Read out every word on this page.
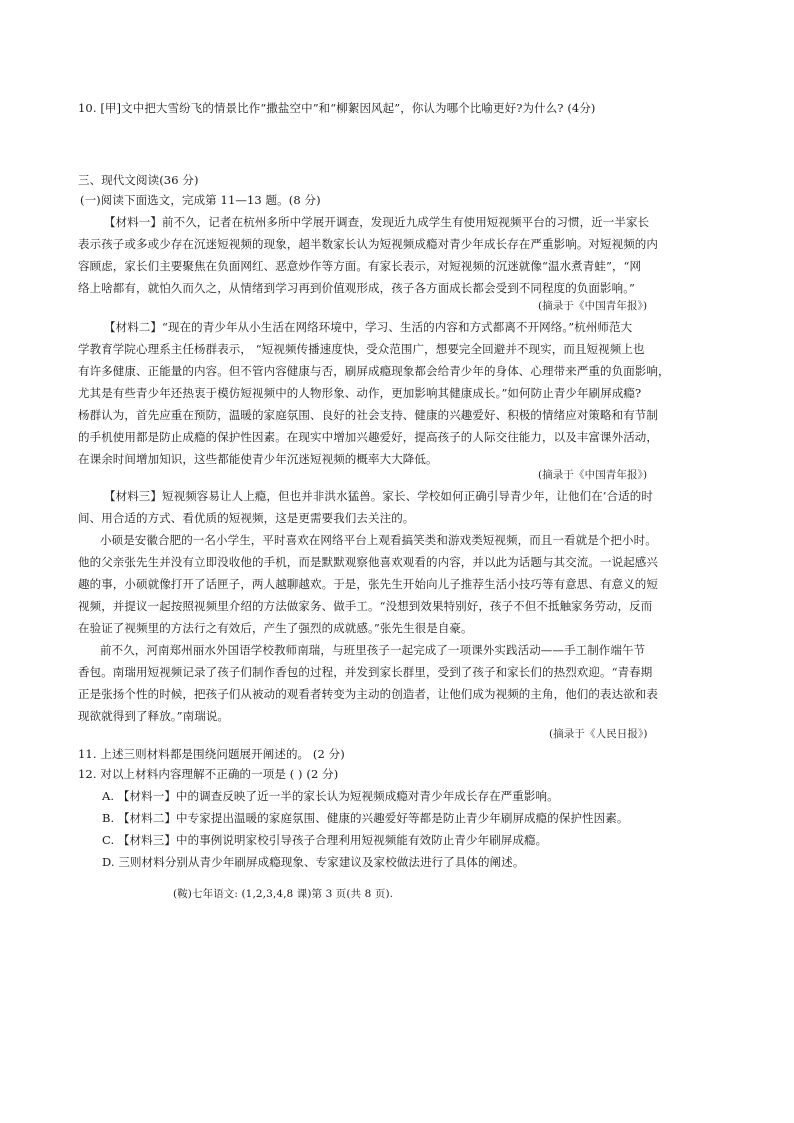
10. [甲]文中把大雪纷飞的情景比作“撒盐空中”和“柳絮因风起”，你认为哪个比喻更好?为什么? (4分)
三、现代文阅读(36 分)
(一)阅读下面选文，完成第 11—13 题。(8 分)
【材料一】前不久，记者在杭州多所中学展开调查，发现近九成学生有使用短视频平台的习惯，近一半家长
表示孩子或多或少存在沉迷短视频的现象，超半数家长认为短视频成瘾对青少年成长存在严重影响。对短视频的内
容顾虑，家长们主要聚焦在负面网红、恶意炒作等方面。有家长表示，对短视频的沉迷就像“温水煮青蛙”，“网
络上啥都有，就怕久而久之，从情绪到学习再到价值观形成，孩子各方面成长都会受到不同程度的负面影响。”
(摘录于《中国青年报》)
【材料二】“现在的青少年从小生活在网络环境中，学习、生活的内容和方式都离不开网络。”杭州师范大
学教育学院心理系主任杨群表示， “短视频传播速度快，受众范围广，想要完全回避并不现实，而且短视频上也
有许多健康、正能量的内容。但不管内容健康与否，刷屏成瘾现象都会给青少年的身体、心理带来严重的负面影响，
尤其是有些青少年还热衷于模仿短视频中的人物形象、动作，更加影响其健康成长。”如何防止青少年刷屏成瘾?
杨群认为，首先应重在预防，温暖的家庭氛围、良好的社会支持、健康的兴趣爱好、积极的情绪应对策略和有节制
的手机使用都是防止成瘾的保护性因素。在现实中增加兴趣爱好，提高孩子的人际交往能力，以及丰富课外活动，
在课余时间增加知识，这些都能使青少年沉迷短视频的概率大大降低。
(摘录于《中国青年报》)
【材料三】短视频容易让人上瘾，但也并非洪水猛兽。家长、学校如何正确引导青少年，让他们在’合适的时
间、用合适的方式、看优质的短视频，这是更需要我们去关注的。
小硕是安徽合肥的一名小学生，平时喜欢在网络平台上观看搞笑类和游戏类短视频，而且一看就是个把小时。
他的父亲张先生并没有立即没收他的手机，而是默默观察他喜欢观看的内容，并以此为话题与其交流。一说起感兴
趣的事，小硕就像打开了话匣子，两人越聊越欢。于是，张先生开始向儿子推荐生活小技巧等有意思、有意义的短
视频，并提议一起按照视频里介绍的方法做家务、做手工。“没想到效果特别好，孩子不但不抵触家务劳动，反而
在验证了视频里的方法行之有效后，产生了强烈的成就感。”张先生很是自豪。
前不久，河南郑州丽水外国语学校教师南瑞，与班里孩子一起完成了一项课外实践活动——手工制作端午节
香包。南瑞用短视频记录了孩子们制作香包的过程，并发到家长群里，受到了孩子和家长们的热烈欢迎。“青春期
正是张扬个性的时候，把孩子们从被动的观看者转变为主动的创造者，让他们成为视频的主角，他们的表达欲和表
现欲就得到了释放。”南瑞说。
(摘录于《人民日报》)
11. 上述三则材料都是围绕问题展开阐述的。 (2 分)
12. 对以上材料内容理解不正确的一项是 ( ) (2 分)
A. 【材料一】中的调查反映了近一半的家长认为短视频成瘾对青少年成长存在严重影响。
B. 【材料二】中专家提出温暖的家庭氛围、健康的兴趣爱好等都是防止青少年刷屏成瘾的保护性因素。
C. 【材料三】中的事例说明家校引导孩子合理利用短视频能有效防止青少年刷屏成瘾。
D. 三则材料分别从青少年刷屏成瘾现象、专家建议及家校做法进行了具体的阐述。
(鞍)七年语文: (1,2,3,4,8 课)第 3 页(共 8 页).
